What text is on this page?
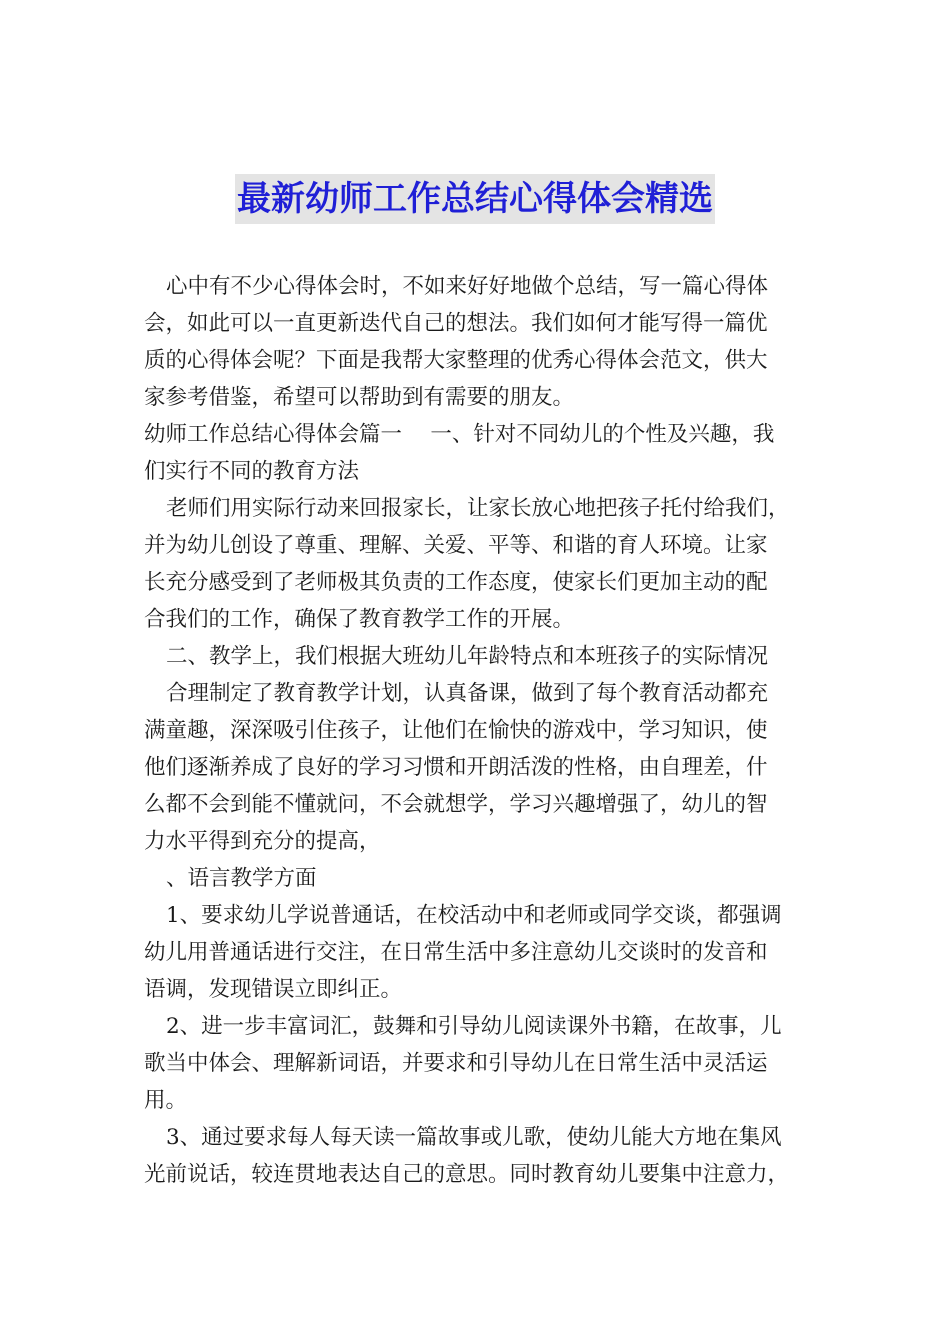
最新幼师工作总结心得体会精选
心中有不少心得体会时，不如来好好地做个总结，写一篇心得体
会，如此可以一直更新迭代自己的想法。我们如何才能写得一篇优
质的心得体会呢？下面是我帮大家整理的优秀心得体会范文，供大
家参考借鉴，希望可以帮助到有需要的朋友。
幼师工作总结心得体会篇一　 一、针对不同幼儿的个性及兴趣，我
们实行不同的教育方法
老师们用实际行动来回报家长，让家长放心地把孩子托付给我们，
并为幼儿创设了尊重、理解、关爱、平等、和谐的育人环境。让家
长充分感受到了老师极其负责的工作态度，使家长们更加主动的配
合我们的工作，确保了教育教学工作的开展。
二、教学上，我们根据大班幼儿年龄特点和本班孩子的实际情况
合理制定了教育教学计划，认真备课，做到了每个教育活动都充
满童趣，深深吸引住孩子，让他们在愉快的游戏中，学习知识，使
他们逐渐养成了良好的学习习惯和开朗活泼的性格，由自理差，什
么都不会到能不懂就问，不会就想学，学习兴趣增强了，幼儿的智
力水平得到充分的提高，
、语言教学方面
1、要求幼儿学说普通话，在校活动中和老师或同学交谈，都强调
幼儿用普通话进行交注，在日常生活中多注意幼儿交谈时的发音和
语调，发现错误立即纠正。
2、进一步丰富词汇，鼓舞和引导幼儿阅读课外书籍，在故事，儿
歌当中体会、理解新词语，并要求和引导幼儿在日常生活中灵活运
用。
3、通过要求每人每天读一篇故事或儿歌，使幼儿能大方地在集风
光前说话，较连贯地表达自己的意思。同时教育幼儿要集中注意力，
